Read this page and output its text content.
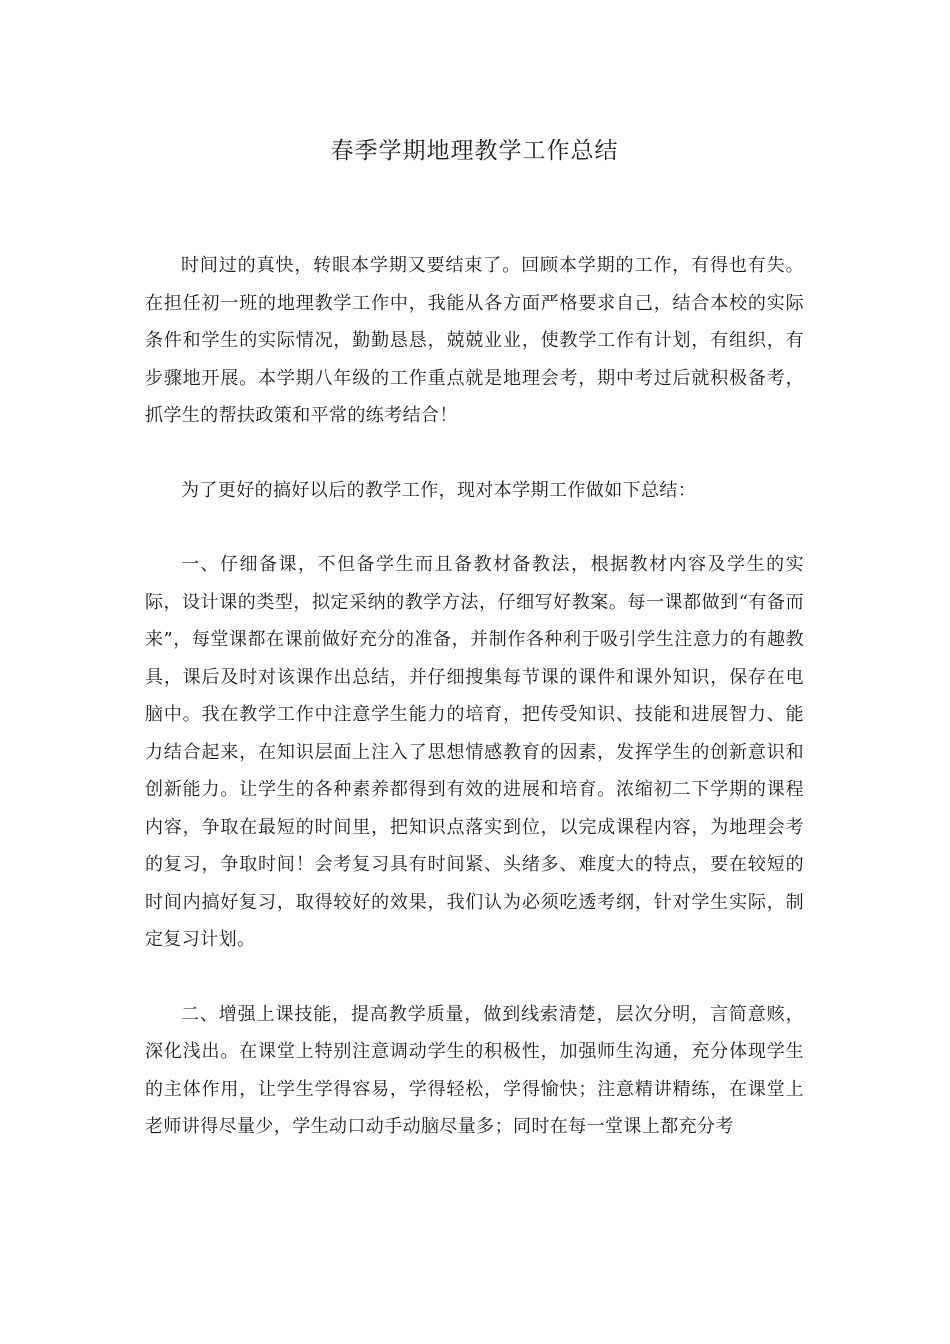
春季学期地理教学工作总结

时间过的真快，转眼本学期又要结束了。回顾本学期的工作，有得也有失。在担任初一班的地理教学工作中，我能从各方面严格要求自己，结合本校的实际条件和学生的实际情况，勤勤恳恳，兢兢业业，使教学工作有计划，有组织，有步骤地开展。本学期八年级的工作重点就是地理会考，期中考过后就积极备考，抓学生的帮扶政策和平常的练考结合！

为了更好的搞好以后的教学工作，现对本学期工作做如下总结：

一、仔细备课，不但备学生而且备教材备教法，根据教材内容及学生的实际，设计课的类型，拟定采纳的教学方法，仔细写好教案。每一课都做到“有备而来”，每堂课都在课前做好充分的准备，并制作各种利于吸引学生注意力的有趣教具，课后及时对该课作出总结，并仔细搜集每节课的课件和课外知识，保存在电脑中。我在教学工作中注意学生能力的培育，把传受知识、技能和进展智力、能力结合起来，在知识层面上注入了思想情感教育的因素，发挥学生的创新意识和创新能力。让学生的各种素养都得到有效的进展和培育。浓缩初二下学期的课程内容，争取在最短的时间里，把知识点落实到位，以完成课程内容，为地理会考的复习，争取时间！会考复习具有时间紧、头绪多、难度大的特点，要在较短的时间内搞好复习，取得较好的效果，我们认为必须吃透考纲，针对学生实际，制定复习计划。

二、增强上课技能，提高教学质量，做到线索清楚，层次分明，言简意赅，深化浅出。在课堂上特别注意调动学生的积极性，加强师生沟通，充分体现学生的主体作用，让学生学得容易，学得轻松，学得愉快；注意精讲精练，在课堂上老师讲得尽量少，学生动口动手动脑尽量多；同时在每一堂课上都充分考
